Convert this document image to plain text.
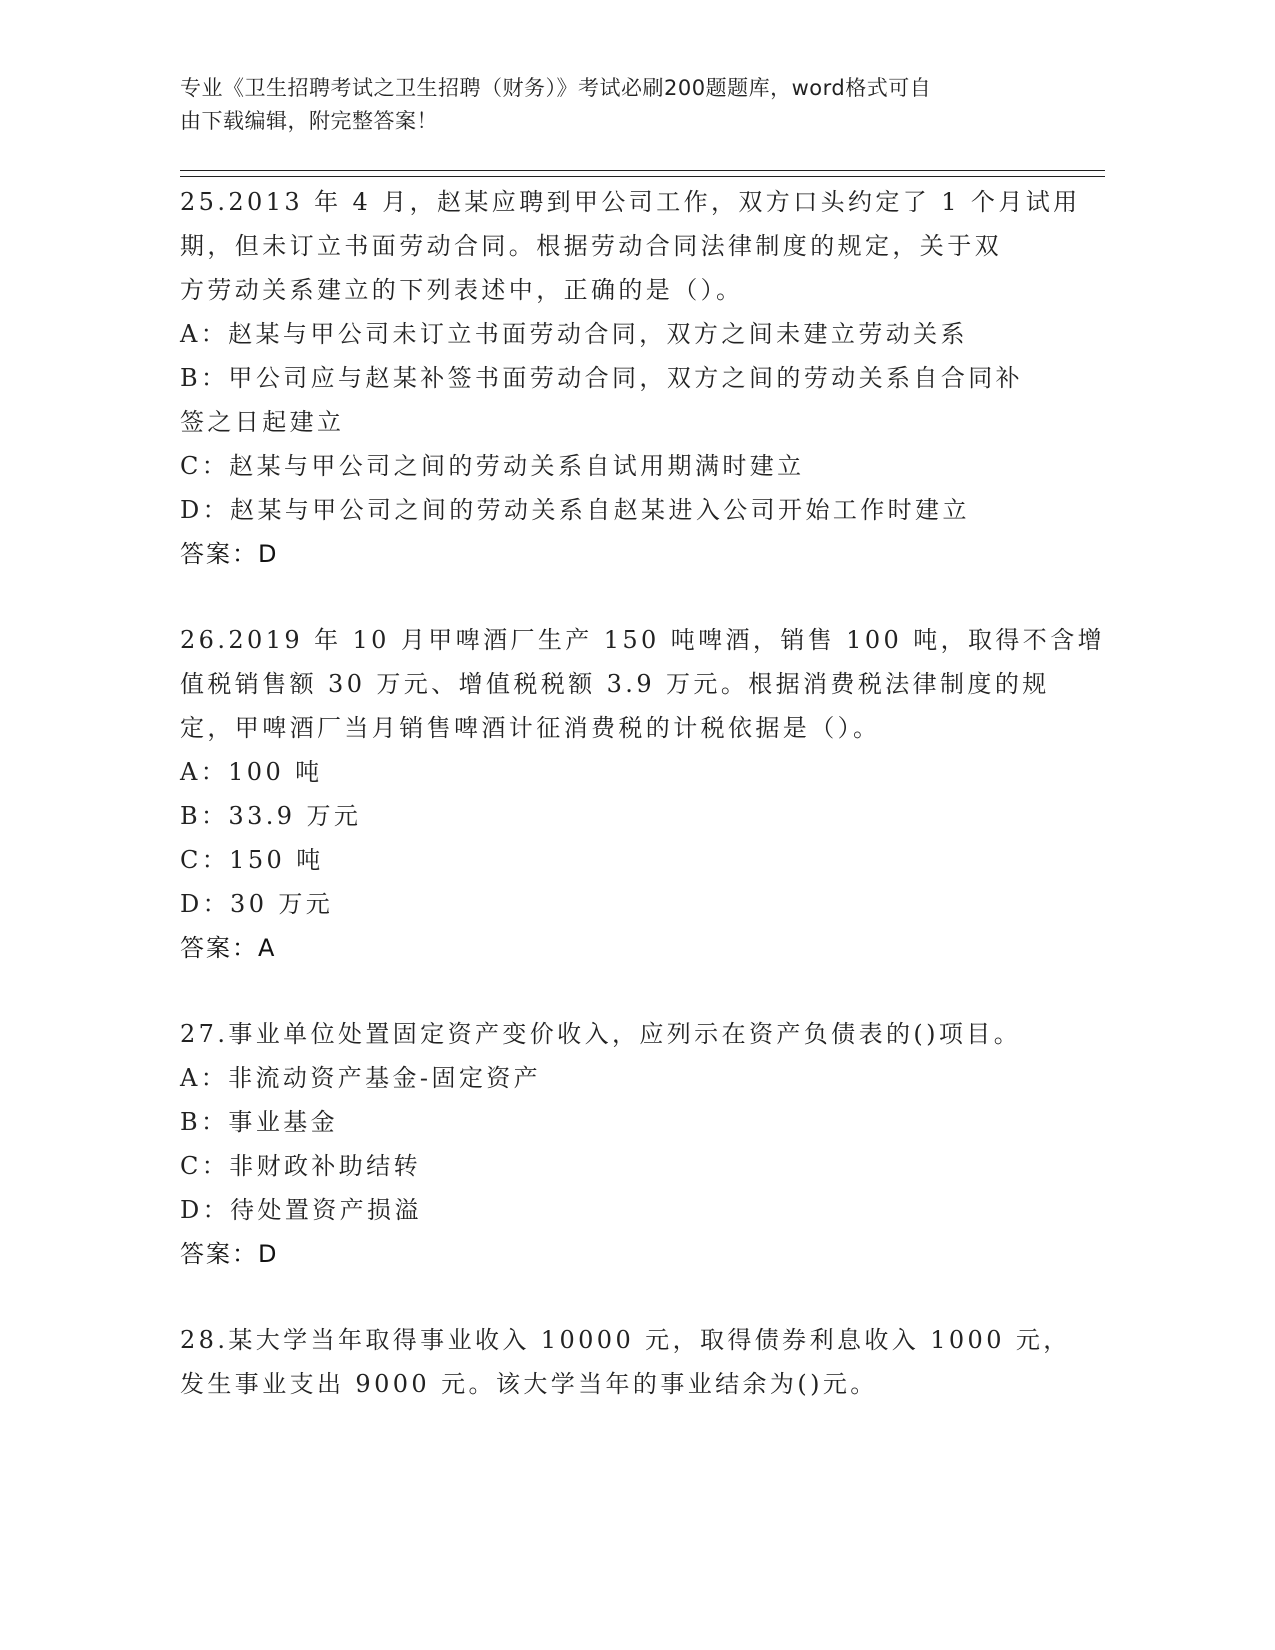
专业《卫生招聘考试之卫生招聘（财务）》考试必刷200题题库，word格式可自
由下载编辑，附完整答案！
25.2013 年 4 月，赵某应聘到甲公司工作，双方口头约定了 1 个月试用
期，但未订立书面劳动合同。根据劳动合同法律制度的规定，关于双
方劳动关系建立的下列表述中，正确的是（）。
A：赵某与甲公司未订立书面劳动合同，双方之间未建立劳动关系
B：甲公司应与赵某补签书面劳动合同，双方之间的劳动关系自合同补
签之日起建立
C：赵某与甲公司之间的劳动关系自试用期满时建立
D：赵某与甲公司之间的劳动关系自赵某进入公司开始工作时建立
答案：D
26.2019 年 10 月甲啤酒厂生产 150 吨啤酒，销售 100 吨，取得不含增
值税销售额 30 万元、增值税税额 3.9 万元。根据消费税法律制度的规
定，甲啤酒厂当月销售啤酒计征消费税的计税依据是（）。
A：100 吨
B：33.9 万元
C：150 吨
D：30 万元
答案：A
27.事业单位处置固定资产变价收入，应列示在资产负债表的()项目。
A：非流动资产基金-固定资产
B：事业基金
C：非财政补助结转
D：待处置资产损溢
答案：D
28.某大学当年取得事业收入 10000 元，取得债券利息收入 1000 元，
发生事业支出 9000 元。该大学当年的事业结余为()元。
